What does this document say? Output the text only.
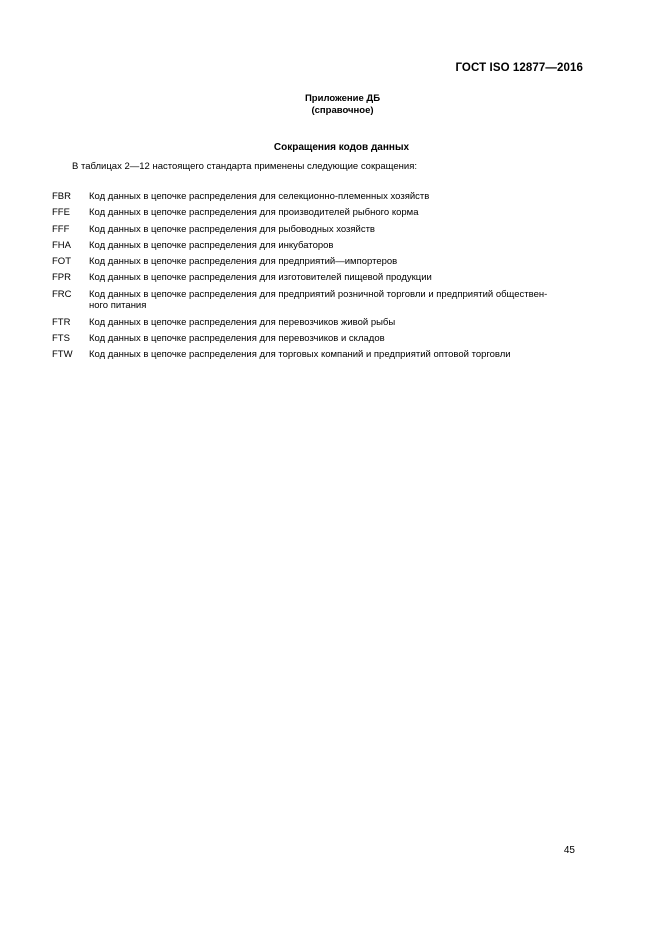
ГОСТ ISO 12877—2016
Приложение ДБ
(справочное)
Сокращения кодов данных
В таблицах 2—12 настоящего стандарта применены следующие сокращения:
FBR	Код данных в цепочке распределения для селекционно-племенных хозяйств
FFE	Код данных в цепочке распределения для производителей рыбного корма
FFF	Код данных в цепочке распределения для рыбоводных хозяйств
FHA	Код данных в цепочке распределения для инкубаторов
FOT	Код данных в цепочке распределения для предприятий—импортеров
FPR	Код данных в цепочке распределения для изготовителей пищевой продукции
FRC	Код данных в цепочке распределения для предприятий розничной торговли и предприятий обществен-
ного питания
FTR	Код данных в цепочке распределения для перевозчиков живой рыбы
FTS	Код данных в цепочке распределения для перевозчиков и складов
FTW	Код данных в цепочке распределения для торговых компаний и предприятий оптовой торговли
45
